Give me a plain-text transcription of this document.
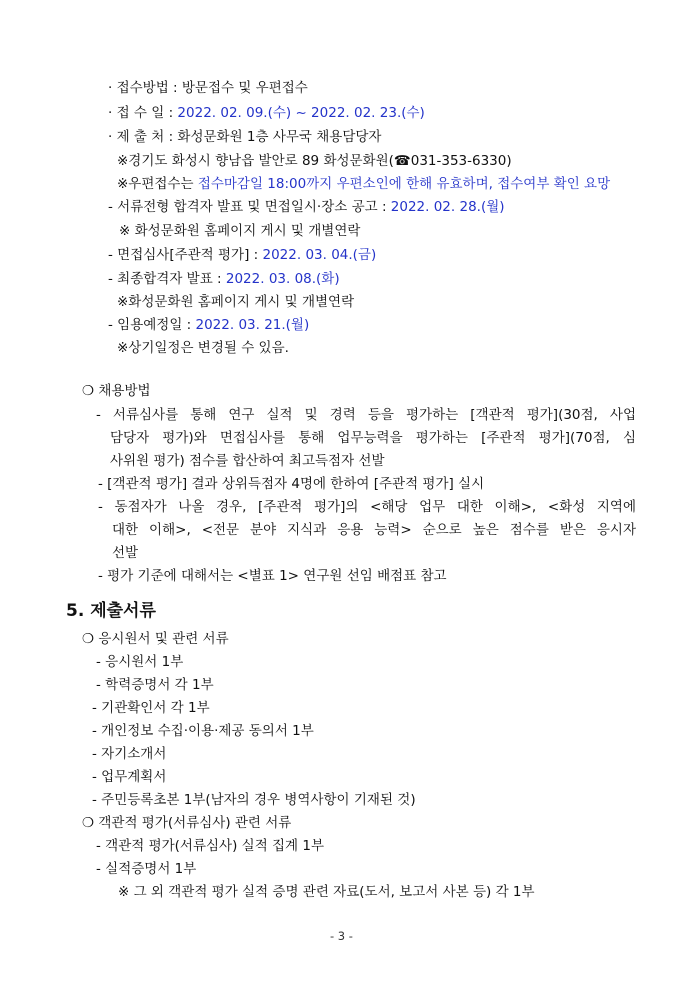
· 접수방법 : 방문접수 및 우편접수
· 접 수 일 : 2022. 02. 09.(수) ~ 2022. 02. 23.(수)
· 제 출 처 : 화성문화원 1층 사무국 채용담당자
※경기도 화성시 향남읍 발안로 89 화성문화원(☎031-353-6330)
※우편접수는 접수마감일 18:00까지 우편소인에 한해 유효하며, 접수여부 확인 요망
- 서류전형 합격자 발표 및 면접일시·장소 공고 : 2022. 02. 28.(월)
※ 화성문화원 홈페이지 게시 및 개별연락
- 면접심사[주관적 평가] : 2022. 03. 04.(금)
- 최종합격자 발표 : 2022. 03. 08.(화)
※화성문화원 홈페이지 게시 및 개별연락
- 임용예정일 : 2022. 03. 21.(월)
※상기일정은 변경될 수 있음.
❍ 채용방법
- 서류심사를 통해 연구 실적 및 경력 등을 평가하는 [객관적 평가](30점, 사업
담당자 평가)와 면접심사를 통해 업무능력을 평가하는 [주관적 평가](70점, 심
사위원 평가) 점수를 합산하여 최고득점자 선발
- [객관적 평가] 결과 상위득점자 4명에 한하여 [주관적 평가] 실시
- 동점자가 나올 경우, [주관적 평가]의 <해당 업무 대한 이해>, <화성 지역에
대한 이해>, <전문 분야 지식과 응용 능력> 순으로 높은 점수를 받은 응시자
선발
- 평가 기준에 대해서는 <별표 1> 연구원 선임 배점표 참고
5. 제출서류
❍ 응시원서 및 관련 서류
- 응시원서 1부
- 학력증명서 각 1부
- 기관확인서 각 1부
- 개인정보 수집·이용·제공 동의서 1부
- 자기소개서
- 업무계획서
- 주민등록초본 1부(남자의 경우 병역사항이 기재된 것)
❍ 객관적 평가(서류심사) 관련 서류
- 객관적 평가(서류심사) 실적 집계 1부
- 실적증명서 1부
※ 그 외 객관적 평가 실적 증명 관련 자료(도서, 보고서 사본 등) 각 1부
- 3 -
